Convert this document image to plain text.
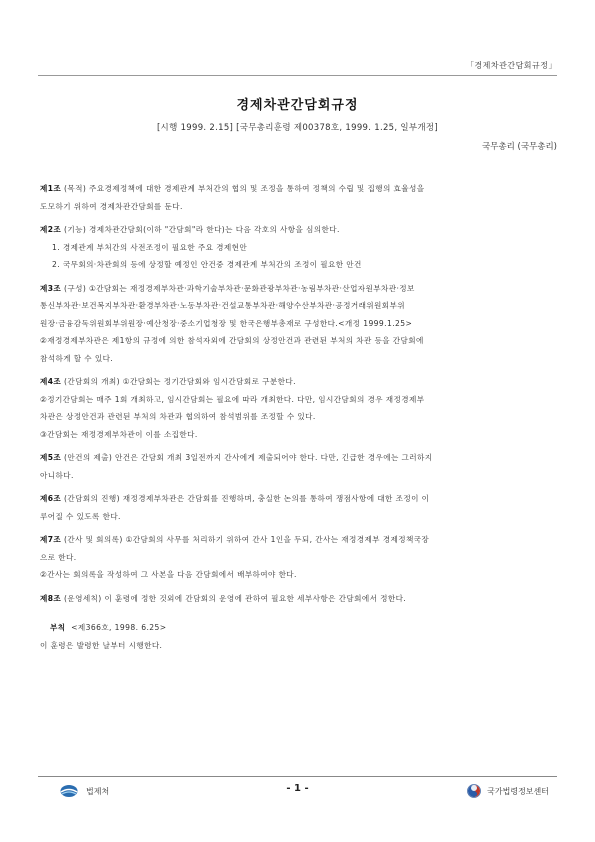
「경제차관간담회규정」
경제차관간담회규정
[시행 1999. 2.15] [국무총리훈령 제00378호, 1999. 1.25, 일부개정]
국무총리 (국무총리)

제1조 (목적) 주요경제정책에 대한 경제관계 부처간의 협의 및 조정을 통하여 정책의 수립 및 집행의 효율성을

도모하기 위하여 경제차관간담회를 둔다.

제2조 (기능) 경제차관간담회(이하 "간담회"라 한다)는 다음 각호의 사항을 심의한다.

1. 경제관계 부처간의 사전조정이 필요한 주요 경제현안

2. 국무회의·차관회의 등에 상정할 예정인 안건중 경제관계 부처간의 조정이 필요한 안건

제3조 (구성) ①간담회는 재정경제부차관·과학기술부차관·문화관광부차관·농림부차관·산업자원부차관·정보

통신부차관·보건복지부차관·환경부차관·노동부차관·건설교통부차관·해양수산부차관·공정거래위원회부위

원장·금융감독위원회부위원장·예산청장·중소기업청장 및 한국은행부총재로 구성한다.<개정 1999.1.25>

②재정경제부차관은 제1항의 규정에 의한 참석자외에 간담회의 상정안건과 관련된 부처의 차관 등을 간담회에

참석하게 할 수 있다.

제4조 (간담회의 개최) ①간담회는 정기간담회와 임시간담회로 구분한다.

②정기간담회는 매주 1회 개최하고, 임시간담회는 필요에 따라 개최한다. 다만, 임시간담회의 경우 재정경제부

차관은 상정안건과 관련된 부처의 차관과 협의하여 참석범위를 조정할 수 있다.

③간담회는 재정경제부차관이 이를 소집한다.

제5조 (안건의 제출) 안건은 간담회 개최 3일전까지 간사에게 제출되어야 한다. 다만, 긴급한 경우에는 그러하지

아니하다.

제6조 (간담회의 진행) 재정경제부차관은 간담회를 진행하며, 충실한 논의를 통하여 쟁점사항에 대한 조정이 이

루어질 수 있도록 한다.

제7조 (간사 및 회의록) ①간담회의 사무를 처리하기 위하여 간사 1인을 두되, 간사는 재정경제부 경제정책국장

으로 한다.

②간사는 회의록을 작성하여 그 사본을 다음 간담회에서 배부하여야 한다.

제8조 (운영세칙) 이 훈령에 정한 것외에 간담회의 운영에 관하여 필요한 세부사항은 간담회에서 정한다.

부칙 <제366호, 1998. 6.25>

이 훈령은 발령한 날부터 시행한다.

법제처	- 1 -	국가법령정보센터
